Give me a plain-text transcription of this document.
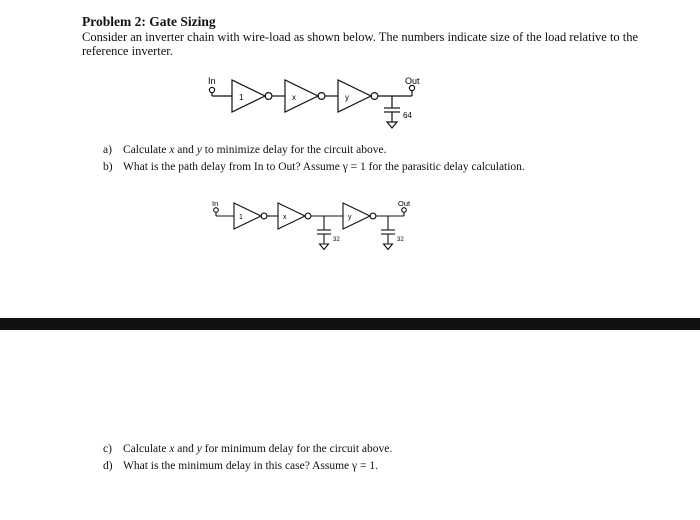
Problem 2: Gate Sizing
Consider an inverter chain with wire-load as shown below. The numbers indicate size of the load relative to the reference inverter.
In	Out
1	x	y
64
a) Calculate x and y to minimize delay for the circuit above.
b) What is the path delay from In to Out? Assume γ = 1 for the parasitic delay calculation.
In	Out
1	x	y
32	32
c) Calculate x and y for minimum delay for the circuit above.
d) What is the minimum delay in this case? Assume γ = 1.
